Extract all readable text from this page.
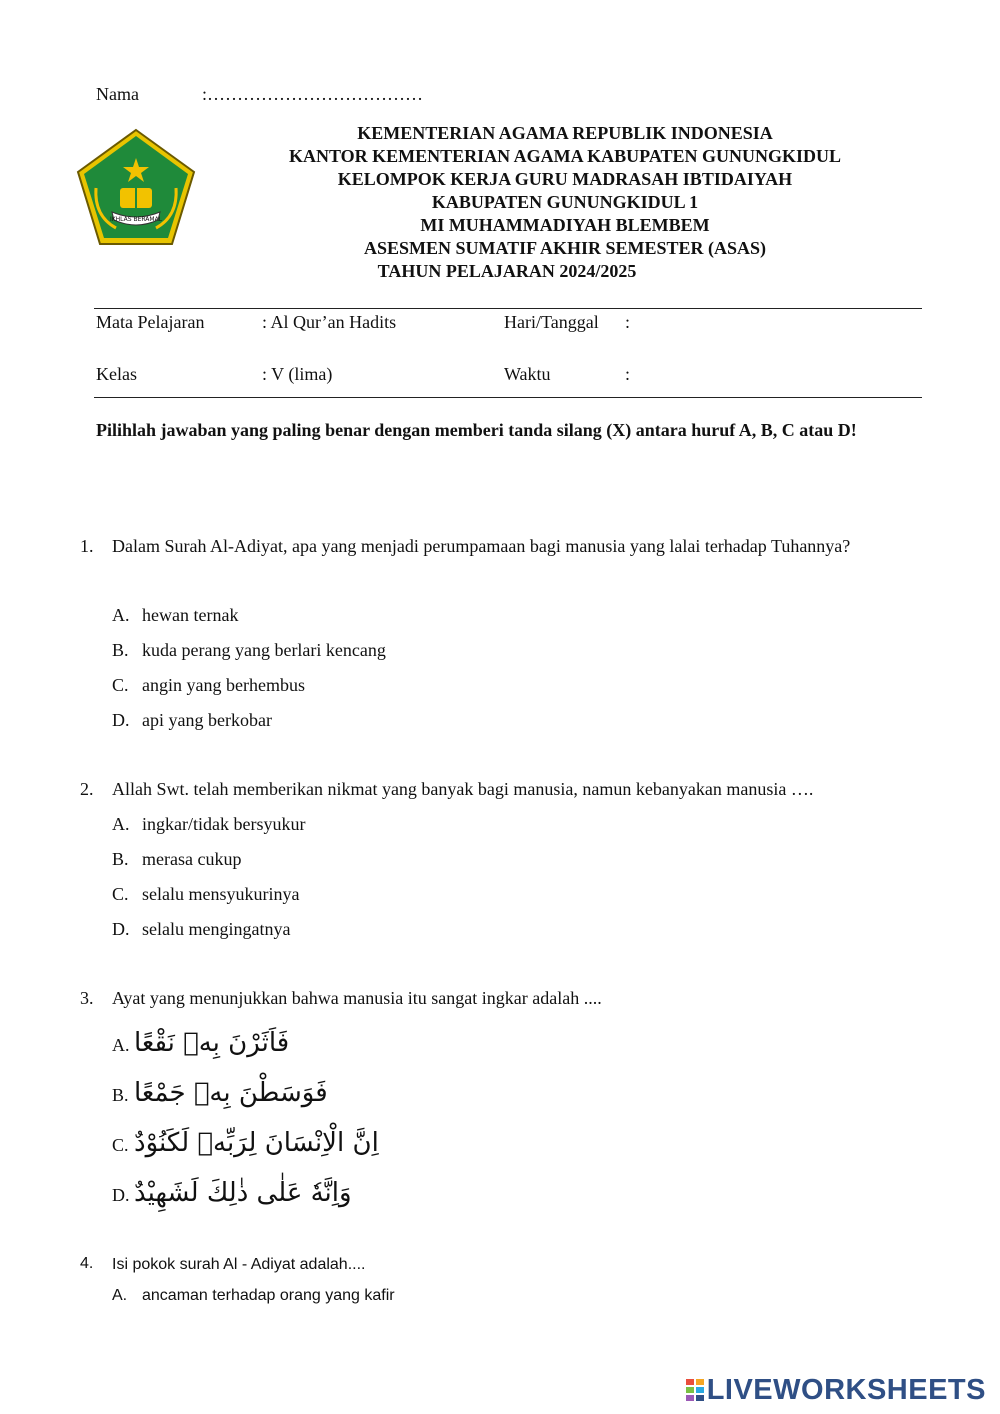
Nama	:………………………………
IKHLAS BERAMAL
KEMENTERIAN AGAMA REPUBLIK INDONESIA
KANTOR KEMENTERIAN AGAMA KABUPATEN GUNUNGKIDUL
KELOMPOK KERJA GURU MADRASAH IBTIDAIYAH
KABUPATEN GUNUNGKIDUL 1
MI MUHAMMADIYAH BLEMBEM
ASESMEN SUMATIF AKHIR SEMESTER (ASAS)
TAHUN PELAJARAN 2024/2025
Mata Pelajaran	: Al Qur’an Hadits	Hari/Tanggal :
Kelas	: V (lima)	Waktu	:
Pilihlah jawaban yang paling benar dengan memberi tanda silang (X) antara huruf A, B, C atau D!
1. Dalam Surah Al-Adiyat, apa yang menjadi perumpamaan bagi manusia yang lalai terhadap Tuhannya?
A. hewan ternak
B. kuda perang yang berlari kencang
C. angin yang berhembus
D. api yang berkobar
2. Allah Swt. telah memberikan nikmat yang banyak bagi manusia, namun kebanyakan manusia ….
A. ingkar/tidak bersyukur
B. merasa cukup
C. selalu mensyukurinya
D. selalu mengingatnya
3. Ayat yang menunjukkan bahwa manusia itu sangat ingkar adalah ....
A. فَاَثَرْنَ بِهٖ نَقْعًا
B. فَوَسَطْنَ بِهٖ جَمْعًا
C. اِنَّ الْاِنْسَانَ لِرَبِّهٖ لَكَنُوْدٌ
D. وَاِنَّهٗ عَلٰى ذٰلِكَ لَشَهِيْدٌ
4. Isi pokok surah Al - Adiyat adalah....
A. ancaman terhadap orang yang kafir
LIVEWORKSHEETS
